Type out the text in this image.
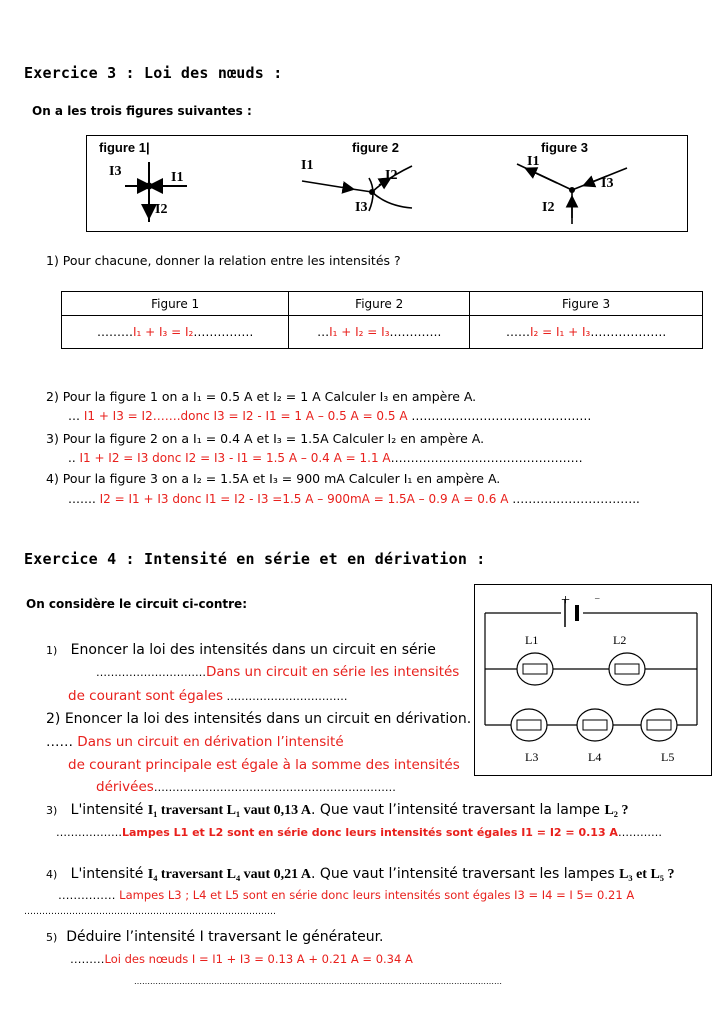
Exercice 3 : Loi des nœuds :
On a les trois figures suivantes :
figure 1|
I3	I1
I2
figure 2
I1
I2
I3
figure 3
I1
I3
I2
1) Pour chacune, donner la relation entre les intensités ?
Figure 1	Figure 2	Figure 3
………I₁ + I₃ = I₂……………	…I₁ + I₂ = I₃………….	……I₂ = I₁ + I₃……………….
2) Pour la figure 1 on a I₁ = 0.5 A et I₂ = 1 A Calculer I₃ en ampère A.
… I1 + I3 = I2…….donc I3 = I2 - I1 = 1 A – 0.5 A = 0.5 A ………………………………………
3) Pour la figure 2 on a I₁ = 0.4 A et I₃ = 1.5A Calculer I₂ en ampère A.
.. I1 + I2 = I3 donc I2 = I3 - I1 = 1.5 A – 0.4 A = 1.1 A…………………………………………
4) Pour la figure 3 on a I₂ = 1.5A et I₃ = 900 mA Calculer I₁ en ampère A.
……. I2 = I1 + I3 donc I1 = I2 - I3 =1.5 A – 900mA = 1.5A – 0.9 A = 0.6 A …………………………..
Exercice 4 : Intensité en série et en dérivation :
On considère le circuit ci-contre:
1) Enoncer la loi des intensités dans un circuit en série
…………………………Dans un circuit en série les intensités
de courant sont égales ……………………………
2) Enoncer la loi des intensités dans un circuit en dérivation.
…… Dans un circuit en dérivation l’intensité
de courant principale est égale à la somme des intensités
dérivées…………………………………………………………
+	–
L1	L2
L3	L4	L5
3) L'intensité I₁ traversant L₁ vaut 0,13 A. Que vaut l’intensité traversant la lampe L₂ ?
………………Lampes L1 et L2 sont en série donc leurs intensités sont égales I1 = I2 = 0.13 A…………
4) L'intensité I₄ traversant L₄ vaut 0,21 A. Que vaut l’intensité traversant les lampes L₃ et L₅ ?
…………… Lampes L3 ; L4 et L5 sont en série donc leurs intensités sont égales I3 = I4 = I 5= 0.21 A
…………………………………………………………………………
5) Déduire l’intensité I traversant le générateur.
………Loi des nœuds I = I1 + I3 = 0.13 A + 0.21 A = 0.34 A
…………………………………………………………………………………………………………………………
